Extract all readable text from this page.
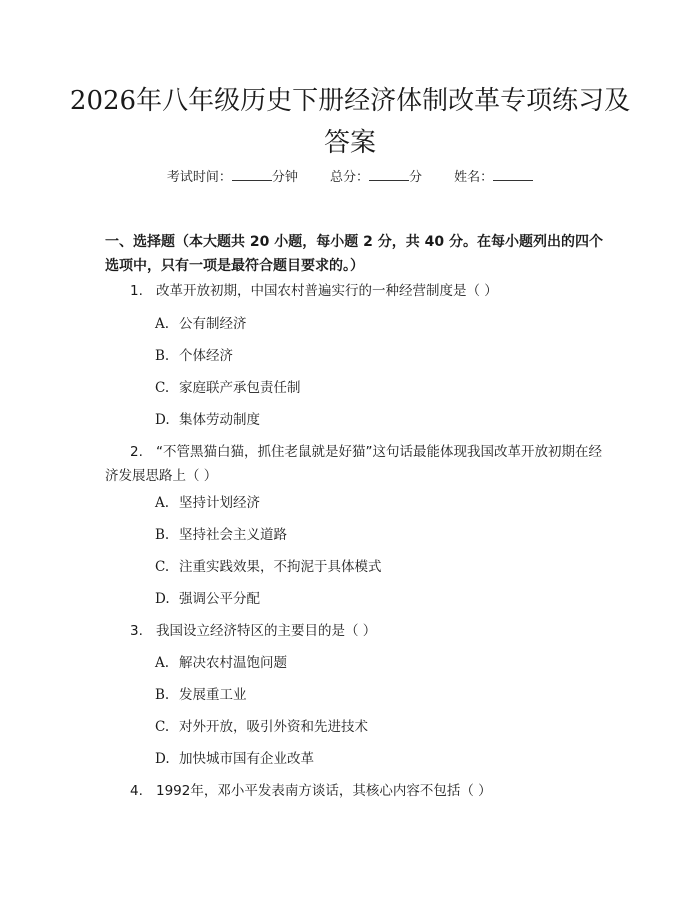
2026年八年级历史下册经济体制改革专项练习及答案
考试时间：	分钟 总分：	分 姓名：

一、选择题（本大题共 20 小题，每小题 2 分，共 40 分。在每小题列出的四个选项中，只有一项是最符合题目要求的。）

1. 改革开放初期，中国农村普遍实行的一种经营制度是（ ）

A. 公有制经济
B. 个体经济
C. 家庭联产承包责任制
D. 集体劳动制度

2. “不管黑猫白猫，抓住老鼠就是好猫”这句话最能体现我国改革开放初期在经济发展思路上（ ）

A. 坚持计划经济
B. 坚持社会主义道路
C. 注重实践效果，不拘泥于具体模式
D. 强调公平分配

3. 我国设立经济特区的主要目的是（ ）

A. 解决农村温饱问题
B. 发展重工业
C. 对外开放，吸引外资和先进技术
D. 加快城市国有企业改革

4. 1992年，邓小平发表南方谈话，其核心内容不包括（ ）
